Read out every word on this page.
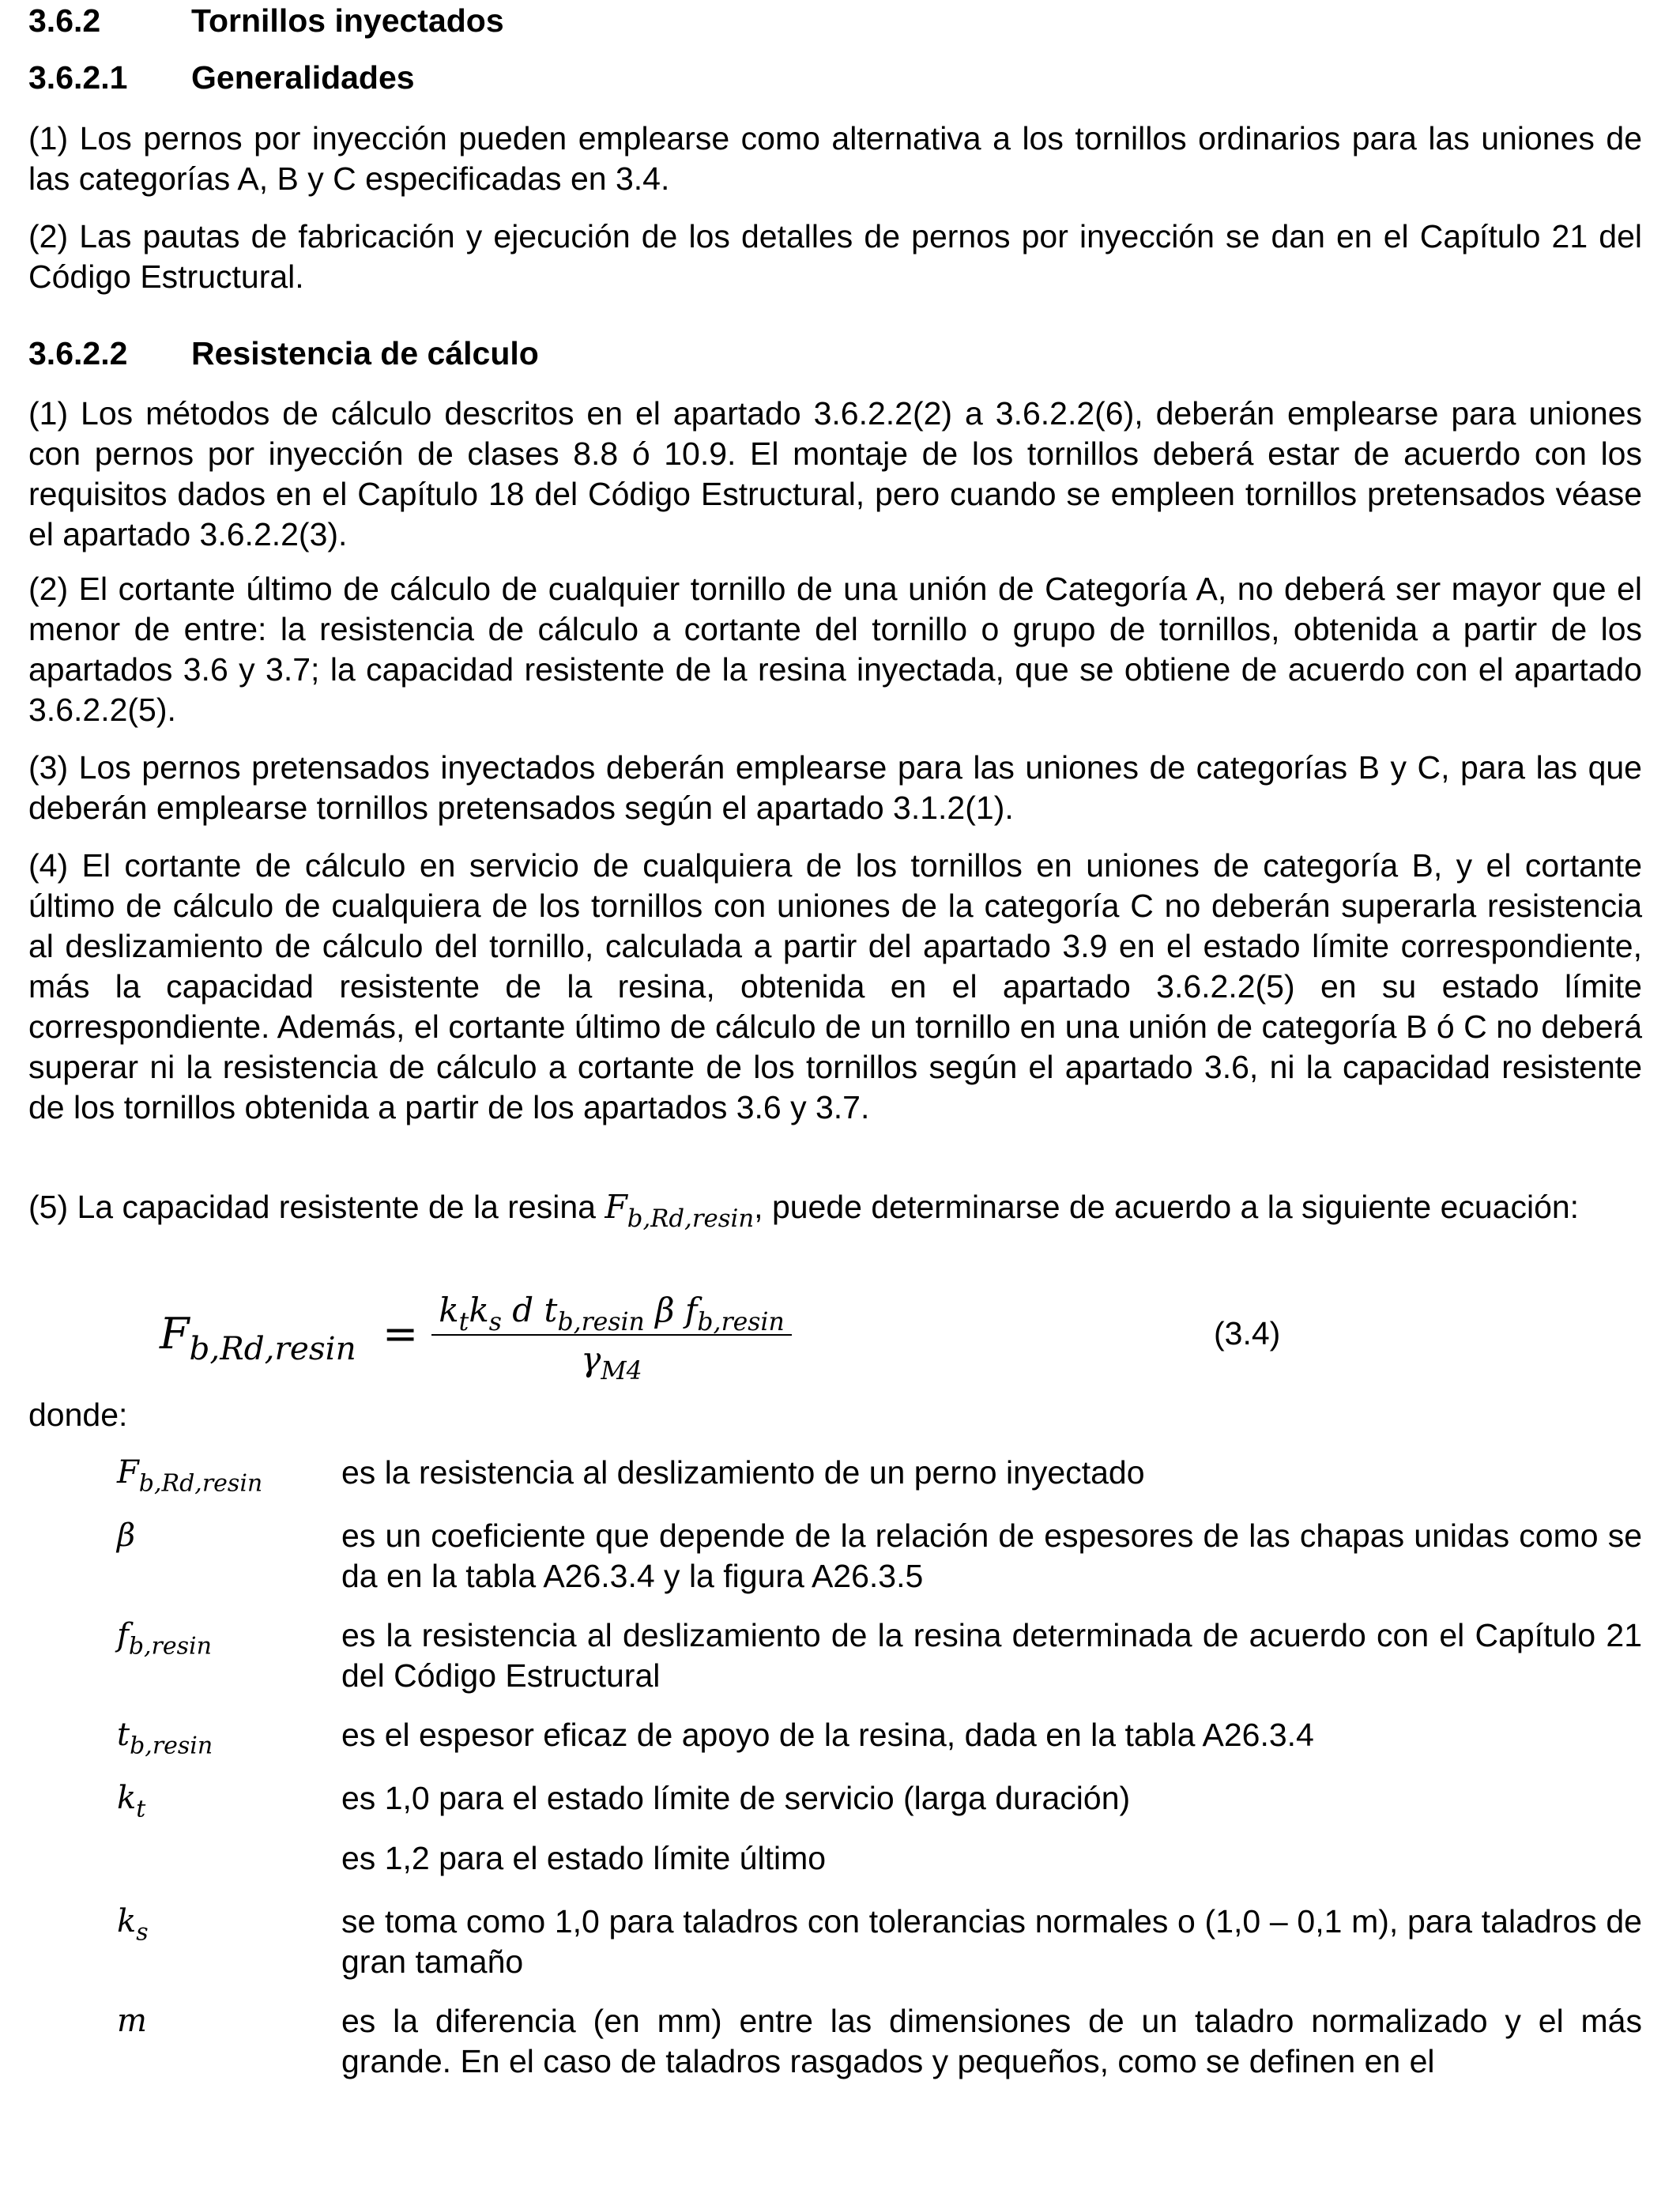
3.6.2	Tornillos inyectados
3.6.2.1 Generalidades

(1) Los pernos por inyección pueden emplearse como alternativa a los tornillos ordinarios para las uniones de las categorías A, B y C especificadas en 3.4.

(2) Las pautas de fabricación y ejecución de los detalles de pernos por inyección se dan en el Capítulo 21 del Código Estructural.

3.6.2.2 Resistencia de cálculo

(1) Los métodos de cálculo descritos en el apartado 3.6.2.2(2) a 3.6.2.2(6), deberán emplearse para uniones con pernos por inyección de clases 8.8 ó 10.9. El montaje de los tornillos deberá estar de acuerdo con los requisitos dados en el Capítulo 18 del Código Estructural, pero cuando se empleen tornillos pretensados véase el apartado 3.6.2.2(3).

(2) El cortante último de cálculo de cualquier tornillo de una unión de Categoría A, no deberá ser mayor que el menor de entre: la resistencia de cálculo a cortante del tornillo o grupo de tornillos, obtenida a partir de los apartados 3.6 y 3.7; la capacidad resistente de la resina inyectada, que se obtiene de acuerdo con el apartado 3.6.2.2(5).

(3) Los pernos pretensados inyectados deberán emplearse para las uniones de categorías B y C, para las que deberán emplearse tornillos pretensados según el apartado 3.1.2(1).

(4) El cortante de cálculo en servicio de cualquiera de los tornillos en uniones de categoría B, y el cortante último de cálculo de cualquiera de los tornillos con uniones de la categoría C no deberán superarla resistencia al deslizamiento de cálculo del tornillo, calculada a partir del apartado 3.9 en el estado límite correspondiente, más la capacidad resistente de la resina, obtenida en el apartado 3.6.2.2(5) en su estado límite correspondiente. Además, el cortante último de cálculo de un tornillo en una unión de categoría B ó C no deberá superar ni la resistencia de cálculo a cortante de los tornillos según el apartado 3.6, ni la capacidad resistente de los tornillos obtenida a partir de los apartados 3.6 y 3.7.

(5) La capacidad resistente de la resina $F_{b,Rd,resin}$, puede determinarse de acuerdo a la siguiente ecuación:

$F_{b,Rd,resin} = k_tk_s$ d $t_{b,resin}$ β $f_{b,resin}$
$\gamma_{M4}$
(3.4)
donde:
$F_{b,Rd,resin}$ es la resistencia al deslizamiento de un perno inyectado
β	es un coeficiente que depende de la relación de espesores de las chapas unidas como se da en la tabla A26.3.4 y la figura A26.3.5
$f_{b,resin}$	es la resistencia al deslizamiento de la resina determinada de acuerdo con el Capítulo 21 del Código Estructural
$t_{b,resin}$	es el espesor eficaz de apoyo de la resina, dada en la tabla A26.3.4
$k_t$	es 1,0 para el estado límite de servicio (larga duración)
es 1,2 para el estado límite último
$k_s$	se toma como 1,0 para taladros con tolerancias normales o (1,0 – 0,1 m), para taladros de gran tamaño
m	es la diferencia (en mm) entre las dimensiones de un taladro normalizado y el más grande. En el caso de taladros rasgados y pequeños, como se definen en el
